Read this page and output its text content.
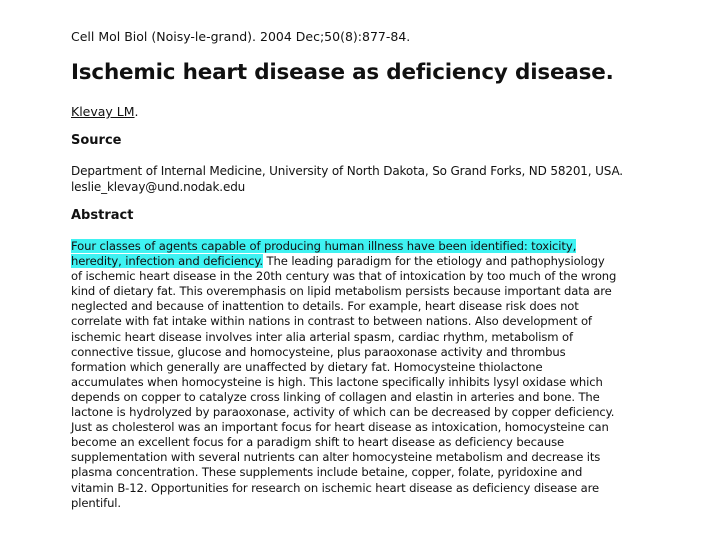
Cell Mol Biol (Noisy-le-grand). 2004 Dec;50(8):877-84.
Ischemic heart disease as deficiency disease.
Klevay LM.
Source
Department of Internal Medicine, University of North Dakota, So Grand Forks, ND 58201, USA.
leslie_klevay@und.nodak.edu
Abstract
Four classes of agents capable of producing human illness have been identified: toxicity,
heredity, infection and deficiency. The leading paradigm for the etiology and pathophysiology
of ischemic heart disease in the 20th century was that of intoxication by too much of the wrong
kind of dietary fat. This overemphasis on lipid metabolism persists because important data are
neglected and because of inattention to details. For example, heart disease risk does not
correlate with fat intake within nations in contrast to between nations. Also development of
ischemic heart disease involves inter alia arterial spasm, cardiac rhythm, metabolism of
connective tissue, glucose and homocysteine, plus paraoxonase activity and thrombus
formation which generally are unaffected by dietary fat. Homocysteine thiolactone
accumulates when homocysteine is high. This lactone specifically inhibits lysyl oxidase which
depends on copper to catalyze cross linking of collagen and elastin in arteries and bone. The
lactone is hydrolyzed by paraoxonase, activity of which can be decreased by copper deficiency.
Just as cholesterol was an important focus for heart disease as intoxication, homocysteine can
become an excellent focus for a paradigm shift to heart disease as deficiency because
supplementation with several nutrients can alter homocysteine metabolism and decrease its
plasma concentration. These supplements include betaine, copper, folate, pyridoxine and
vitamin B-12. Opportunities for research on ischemic heart disease as deficiency disease are
plentiful.
